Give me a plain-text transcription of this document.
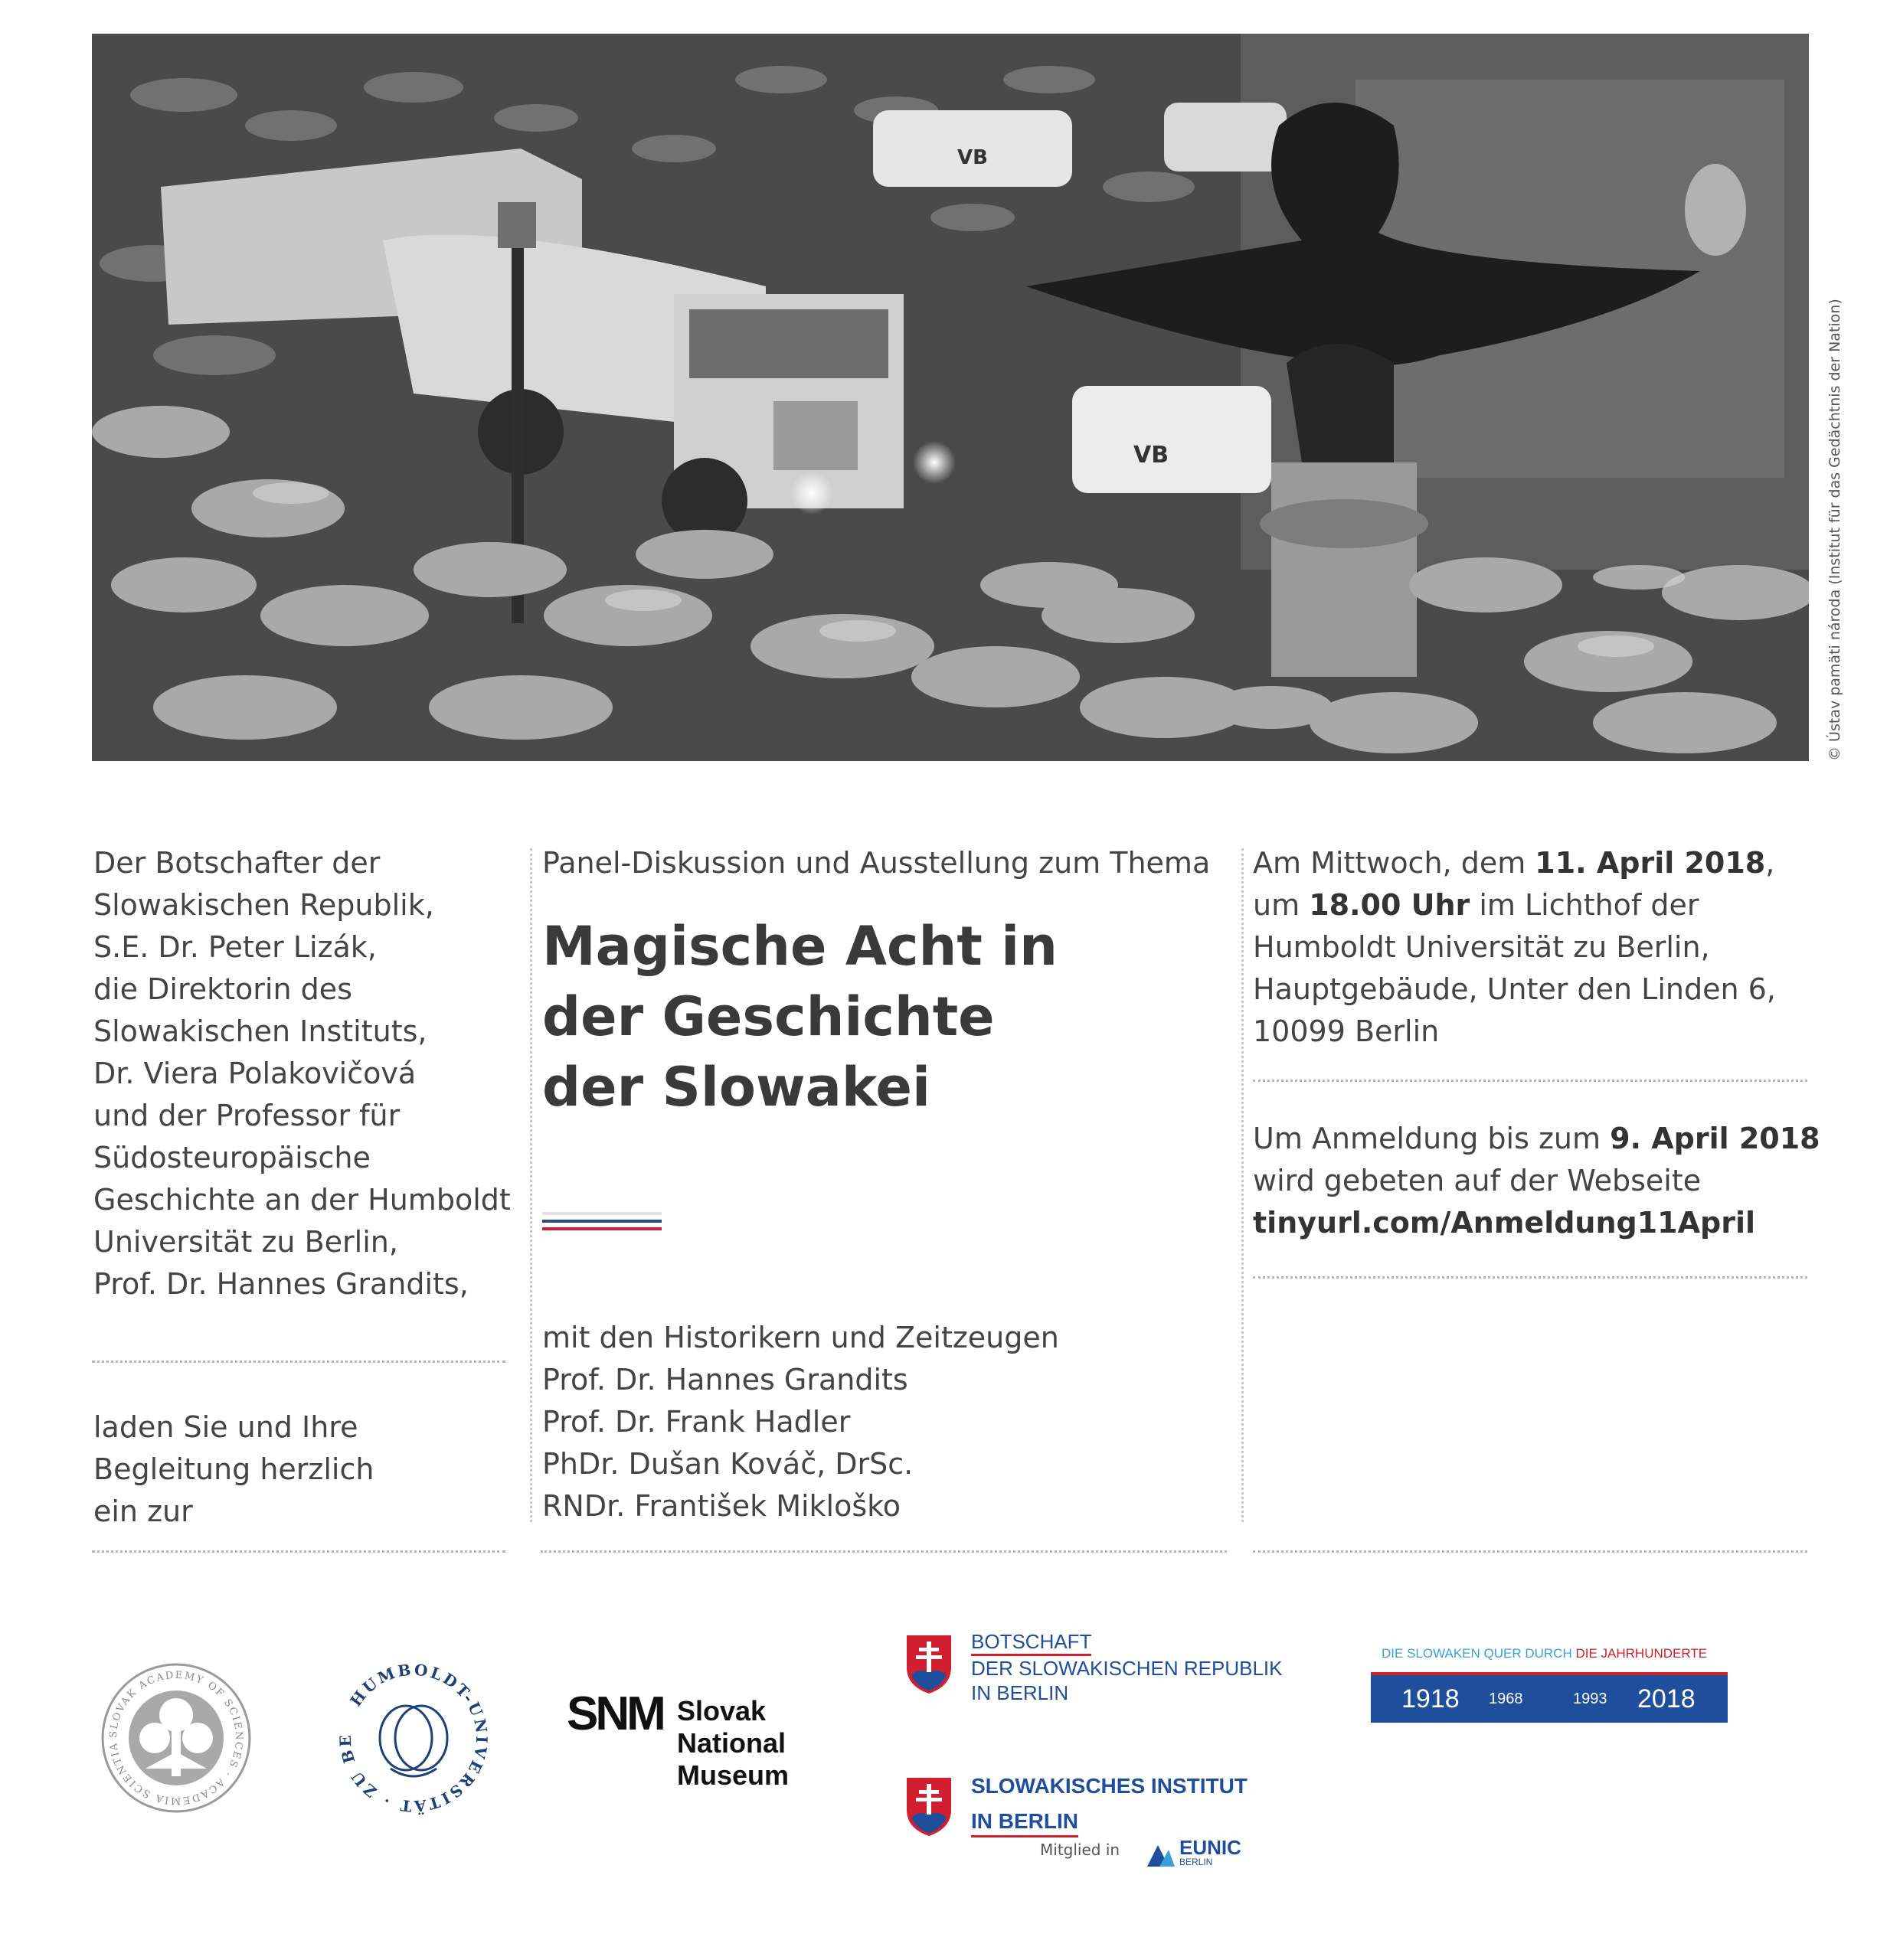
VB
VB	© Ústav pamäti národa (Institut für das Gedächtnis der Nation)

Der Botschafter der

Slowakischen Republik,

S.E. Dr. Peter Lizák,

die Direktorin des

Slowakischen Instituts,

Dr. Viera Polakovičová

und der Professor für

Südosteuropäische

Geschichte an der Humboldt

Universität zu Berlin,

Prof. Dr. Hannes Grandits,

laden Sie und Ihre

Begleitung herzlich

ein zur

Panel-Diskussion und Ausstellung zum Thema

Magische Acht in

der Geschichte

der Slowakei

mit den Historikern und Zeitzeugen

Prof. Dr. Hannes Grandits

Prof. Dr. Frank Hadler

PhDr. Dušan Kováč, DrSc.

RNDr. František Mikloško

Am Mittwoch, dem 11. April 2018,

um 18.00 Uhr im Lichthof der

Humboldt Universität zu Berlin,

Hauptgebäude, Unter den Linden 6,

10099 Berlin

Um Anmeldung bis zum 9. April 2018

wird gebeten auf der Webseite

tinyurl.com/Anmeldung11April

SLOVAK ACADEMY OF SCIENCES · ACADEMIA SCIENTIA
HUMBOLDT-UNIVERSITÄT · ZU BE	SNM Slovak
National
Museum
BOTSCHAFT
DER SLOWAKISCHEN REPUBLIK
IN BERLIN
SLOWAKISCHES INSTITUT
IN BERLIN
Mitglied in	EUNIC
BERLIN
DIE SLOWAKEN QUER DURCH DIE JAHRHUNDERTE
1918 1968	1993 2018
